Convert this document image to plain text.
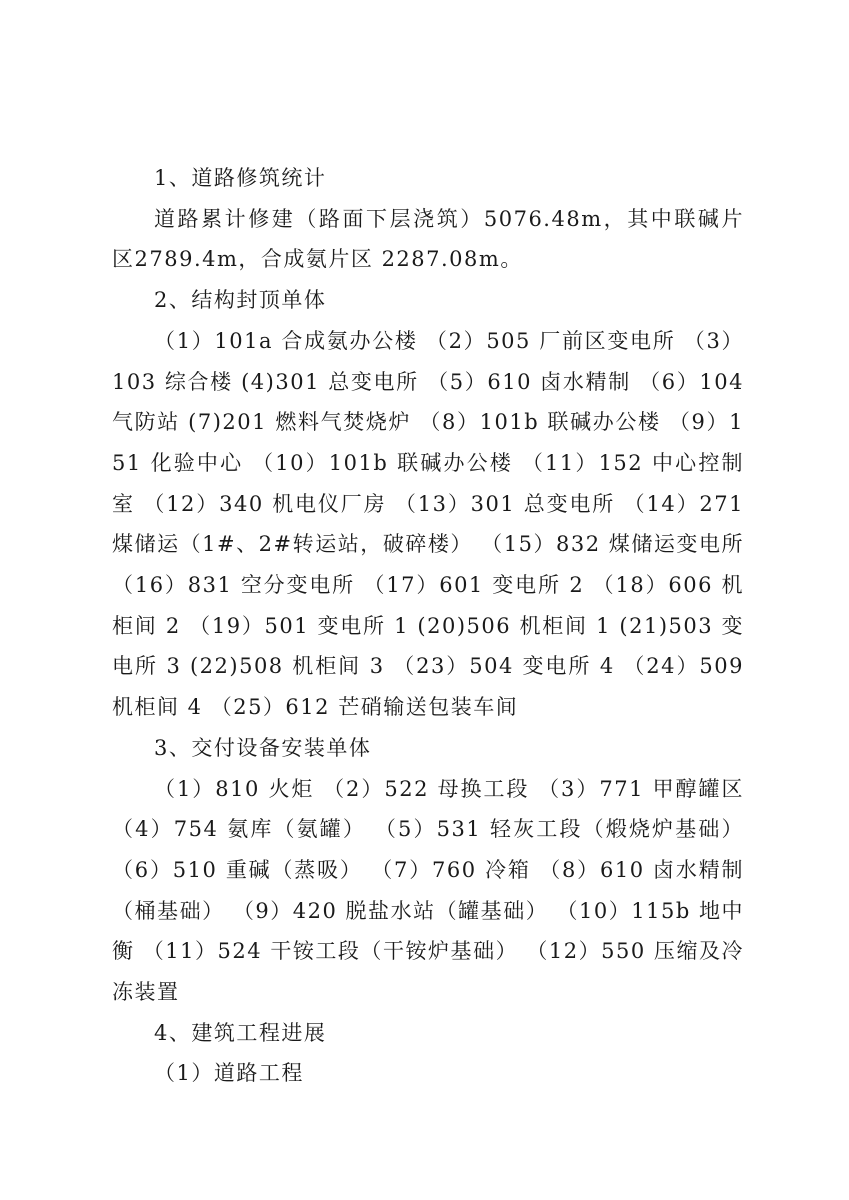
1、道路修筑统计

道路累计修建（路面下层浇筑）5076.48m，其中联碱片区2789.4m，合成氨片区 2287.08m。

2、结构封顶单体

（1）101a 合成氨办公楼 （2）505 厂前区变电所 （3）103 综合楼 (4)301 总变电所 （5）610 卤水精制 （6）104 气防站 (7)201 燃料气焚烧炉 （8）101b 联碱办公楼 （9）151 化验中心 （10）101b 联碱办公楼 （11）152 中心控制室 （12）340 机电仪厂房 （13）301 总变电所 （14）271 煤储运（1#、2#转运站，破碎楼） （15）832 煤储运变电所 （16）831 空分变电所 （17）601 变电所 2 （18）606 机柜间 2 （19）501 变电所 1 (20)506 机柜间 1 (21)503 变电所 3 (22)508 机柜间 3 （23）504 变电所 4 （24）509 机柜间 4 （25）612 芒硝输送包装车间

3、交付设备安装单体

（1）810 火炬 （2）522 母换工段 （3）771 甲醇罐区 （4）754 氨库（氨罐） （5）531 轻灰工段（煅烧炉基础） （6）510 重碱（蒸吸） （7）760 冷箱 （8）610 卤水精制（桶基础） （9）420 脱盐水站（罐基础） （10）115b 地中衡 （11）524 干铵工段（干铵炉基础） （12）550 压缩及冷冻装置

4、建筑工程进展

（1）道路工程
